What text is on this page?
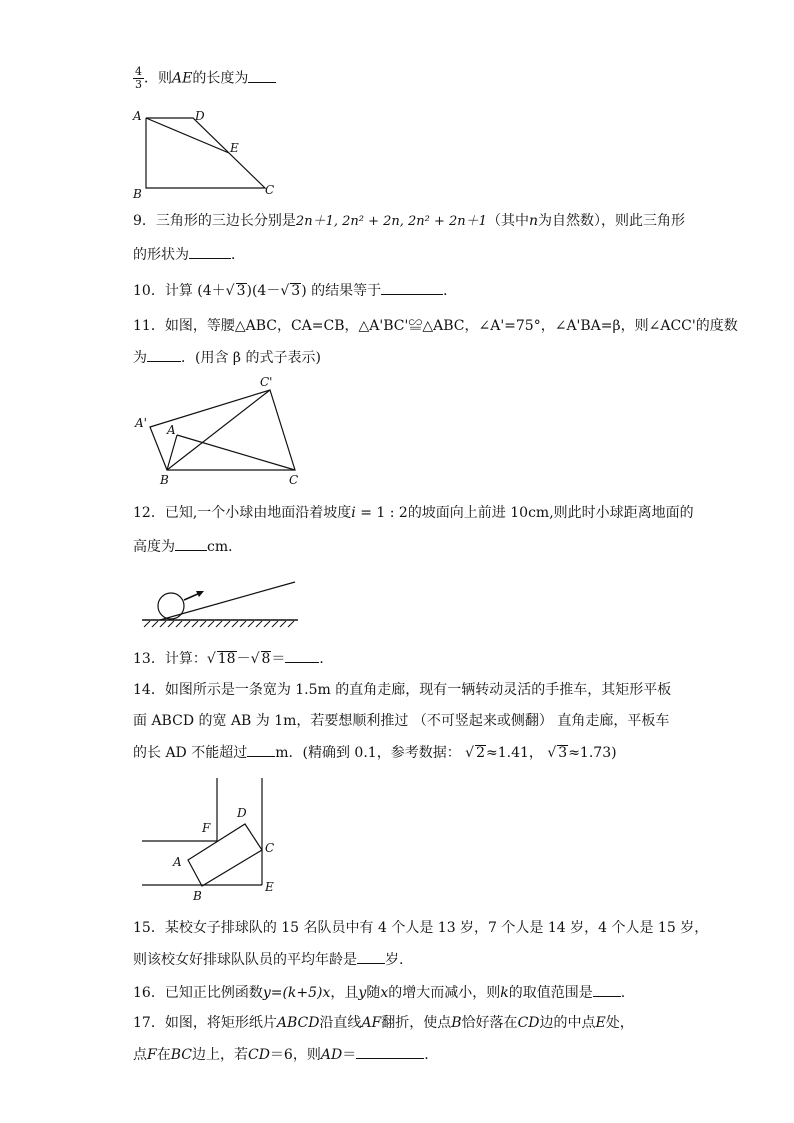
$\frac{4}{3}$ ．则AE的长度为
A	D
E
B	C
9．三角形的三边长分别是2n＋1, 2n² + 2n, 2n² + 2n＋1（其中n为自然数），则此三角形
的形状为	．
10．计算 (4＋√ 3)(4－√ 3) 的结果等于	．
11．如图，等腰△ABC，CA=CB，△A'BC'≌△ABC，∠A'=75°，∠A'BA=β，则∠ACC'的度数
为 ．(用含 β 的式子表示)
C'
A' A
B	C
12．已知,一个小球由地面沿着坡度i = 1 : 2的坡面向上前进 10cm,则此时小球距离地面的
高度为 cm．
13．计算：√ 18－√ 8＝ ．
14．如图所示是一条宽为 1.5m 的直角走廊，现有一辆转动灵活的手推车，其矩形平板
面 ABCD 的宽 AB 为 1m，若要想顺利推过 （不可竖起来或侧翻） 直角走廊，平板车
的长 AD 不能超过 m．(精确到 0.1，参考数据： √ 2≈1.41， √ 3≈1.73)
D
F
C
A
B
E
15．某校女子排球队的 15 名队员中有 4 个人是 13 岁，7 个人是 14 岁，4 个人是 15 岁，
则该校女好排球队队员的平均年龄是 岁.
16．已知正比例函数y=(k+5)x，且y随x的增大而减小，则k的取值范围是 .
17．如图，将矩形纸片ABCD沿直线AF翻折，使点B恰好落在CD边的中点E处，
点F在BC边上，若CD＝6，则AD＝	.
